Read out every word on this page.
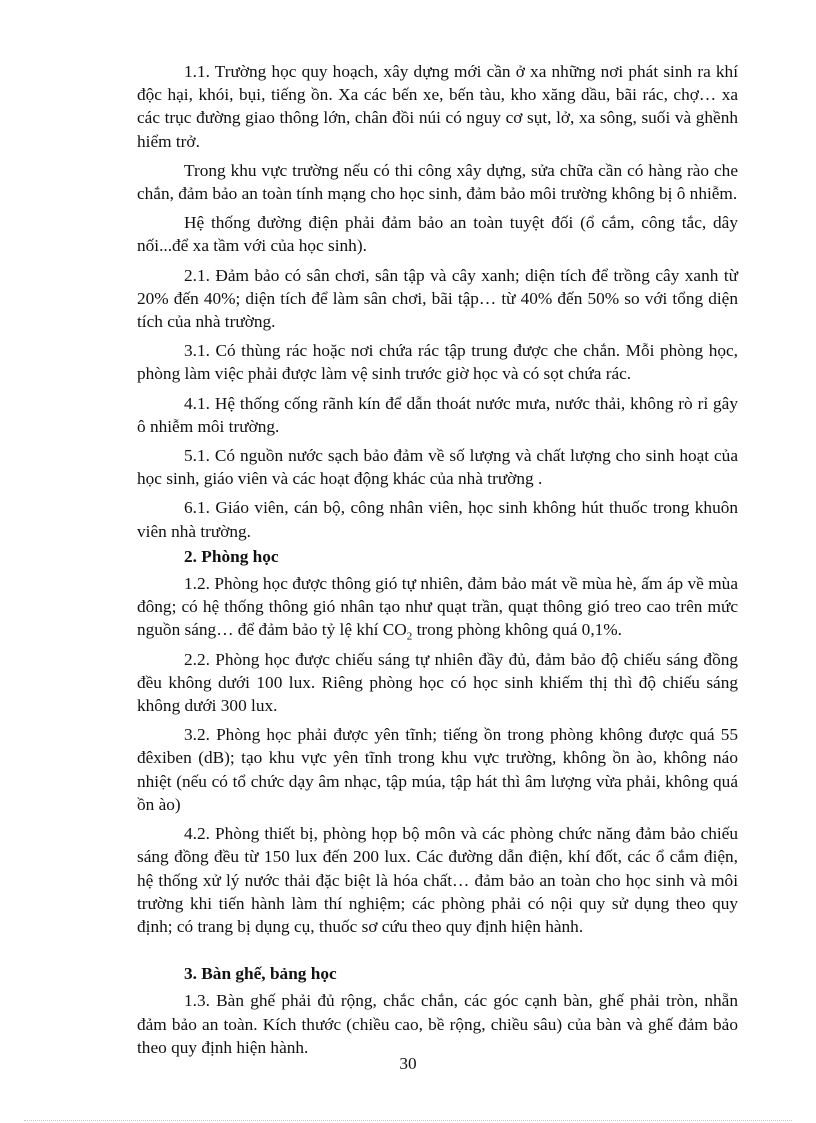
1.1. Trường học quy hoạch, xây dựng mới cần ở xa những nơi phát sinh ra khí độc hại, khói, bụi, tiếng ồn. Xa các bến xe, bến tàu, kho xăng dầu, bãi rác, chợ… xa các trục đường giao thông lớn, chân đồi núi có nguy cơ sụt, lở, xa sông, suối và ghềnh hiểm trở.

Trong khu vực trường nếu có thi công xây dựng, sửa chữa cần có hàng rào che chắn, đảm bảo an toàn tính mạng cho học sinh, đảm bảo môi trường không bị ô nhiễm.

Hệ thống đường điện phải đảm bảo an toàn tuyệt đối (ổ cắm, công tắc, dây nối...để xa tầm với của học sinh).

2.1. Đảm bảo có sân chơi, sân tập và cây xanh; diện tích để trồng cây xanh từ 20% đến 40%; diện tích để làm sân chơi, bãi tập… từ 40% đến 50% so với tổng diện tích của nhà trường.

3.1. Có thùng rác hoặc nơi chứa rác tập trung được che chắn. Mỗi phòng học, phòng làm việc phải được làm vệ sinh trước giờ học và có sọt chứa rác.

4.1. Hệ thống cống rãnh kín để dẫn thoát nước mưa, nước thải, không rò rỉ gây ô nhiễm môi trường.

5.1. Có nguồn nước sạch bảo đảm về số lượng và chất lượng cho sinh hoạt của học sinh, giáo viên và các hoạt động khác của nhà trường .

6.1. Giáo viên, cán bộ, công nhân viên, học sinh không hút thuốc trong khuôn viên nhà trường.

2. Phòng học

1.2. Phòng học được thông gió tự nhiên, đảm bảo mát về mùa hè, ấm áp về mùa đông; có hệ thống thông gió nhân tạo như quạt trần, quạt thông gió treo cao trên mức nguồn sáng… để đảm bảo tỷ lệ khí $CO_2$ trong phòng không quá 0,1%.

2.2. Phòng học được chiếu sáng tự nhiên đầy đủ, đảm bảo độ chiếu sáng đồng đều không dưới 100 lux. Riêng phòng học có học sinh khiếm thị thì độ chiếu sáng không dưới 300 lux.

3.2. Phòng học phải được yên tĩnh; tiếng ồn trong phòng không được quá 55 đêxiben (dB); tạo khu vực yên tĩnh trong khu vực trường, không ồn ào, không náo nhiệt (nếu có tổ chức dạy âm nhạc, tập múa, tập hát thì âm lượng vừa phải, không quá ồn ào)

4.2. Phòng thiết bị, phòng họp bộ môn và các phòng chức năng đảm bảo chiếu sáng đồng đều từ 150 lux đến 200 lux. Các đường dẫn điện, khí đốt, các ổ cắm điện, hệ thống xử lý nước thải đặc biệt là hóa chất… đảm bảo an toàn cho học sinh và môi trường khi tiến hành làm thí nghiệm; các phòng phải có nội quy sử dụng theo quy định; có trang bị dụng cụ, thuốc sơ cứu theo quy định hiện hành.

3. Bàn ghế, bảng học

1.3. Bàn ghế phải đủ rộng, chắc chắn, các góc cạnh bàn, ghế phải tròn, nhẵn đảm bảo an toàn. Kích thước (chiều cao, bề rộng, chiều sâu) của bàn và ghế đảm bảo theo quy định hiện hành.

30
